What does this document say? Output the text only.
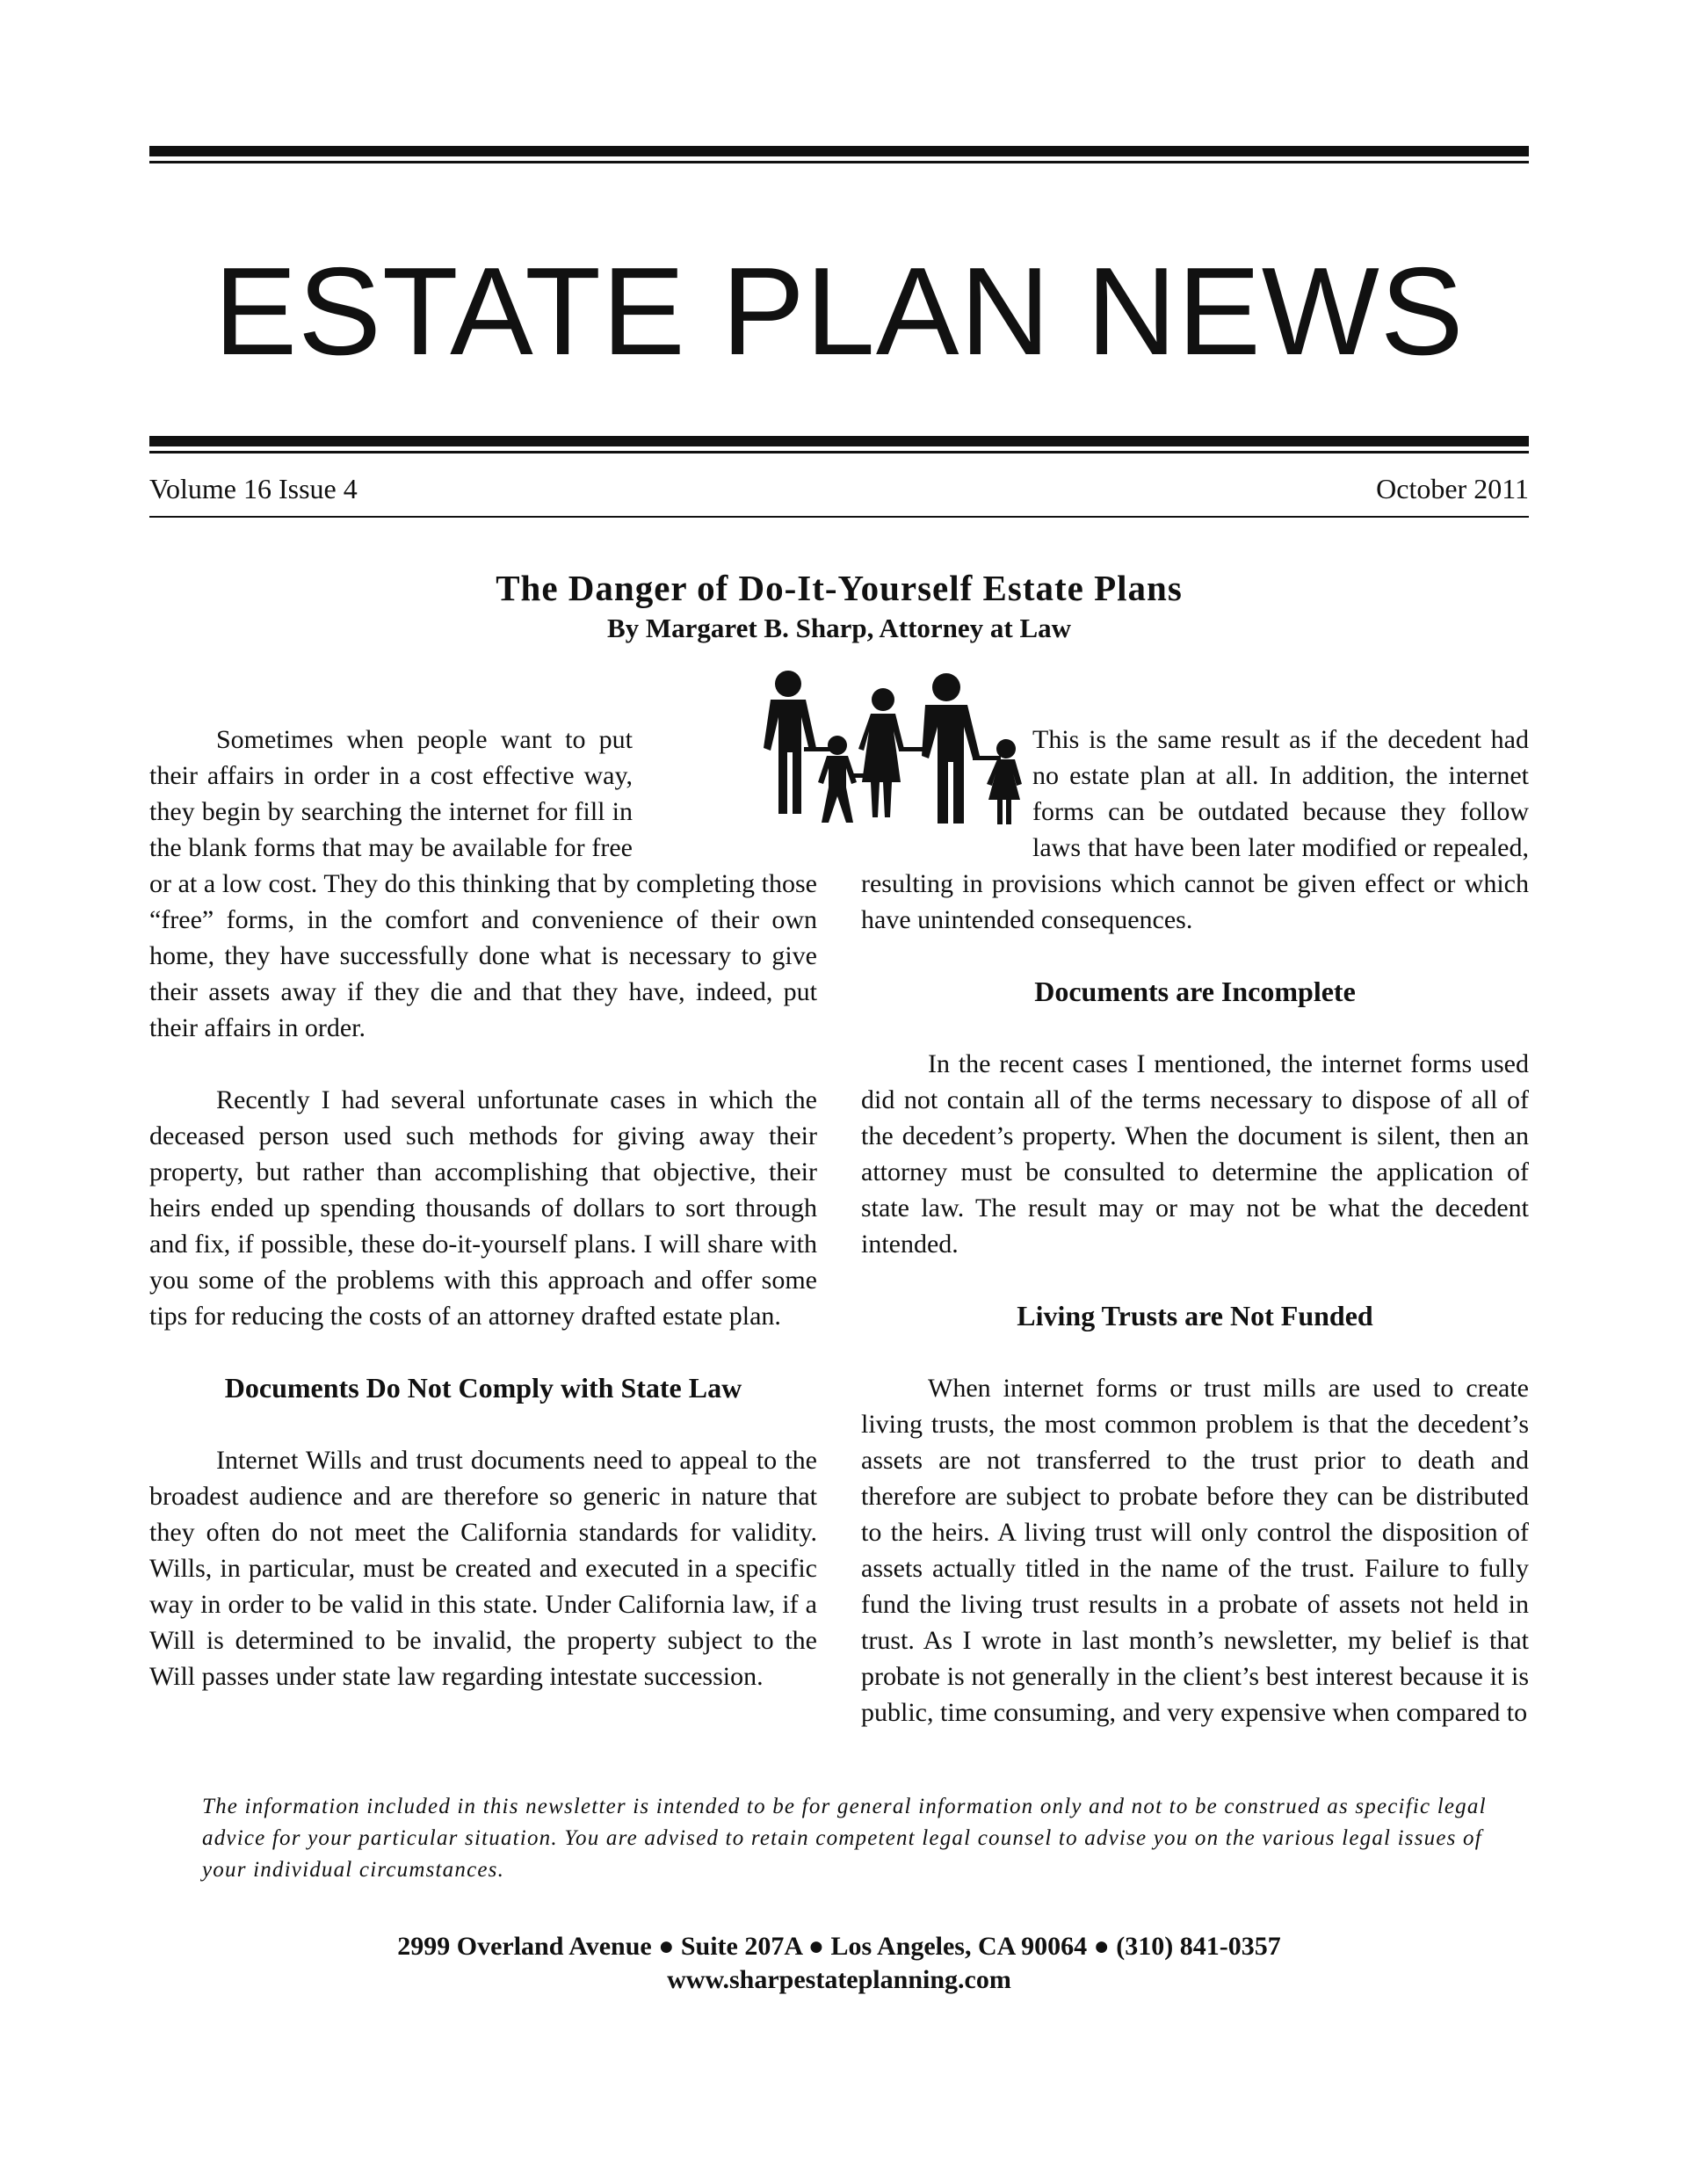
ESTATE PLAN NEWS
Volume 16 Issue 4	October 2011
The Danger of Do-It-Yourself Estate Plans
By Margaret B. Sharp, Attorney at Law

Sometimes when people want to put their affairs in order in a cost effective way, they begin by searching the internet for fill in the blank forms that may be available for free or at a low cost. They do this thinking that by completing those “free” forms, in the comfort and convenience of their own home, they have successfully done what is necessary to give their assets away if they die and that they have, indeed, put their affairs in order.

Recently I had several unfortunate cases in which the deceased person used such methods for giving away their property, but rather than accomplishing that objective, their heirs ended up spending thousands of dollars to sort through and fix, if possible, these do-it-yourself plans. I will share with you some of the problems with this approach and offer some tips for reducing the costs of an attorney drafted estate plan.

Documents Do Not Comply with State Law

Internet Wills and trust documents need to appeal to the broadest audience and are therefore so generic in nature that they often do not meet the California standards for validity. Wills, in particular, must be created and executed in a specific way in order to be valid in this state. Under California law, if a Will is determined to be invalid, the property subject to the Will passes under state law regarding intestate succession.

This is the same result as if the decedent had no estate plan at all. In addition, the internet forms can be outdated because they follow laws that have been later modified or repealed, resulting in provisions which cannot be given effect or which have unintended consequences.

Documents are Incomplete

In the recent cases I mentioned, the internet forms used did not contain all of the terms necessary to dispose of all of the decedent’s property. When the document is silent, then an attorney must be consulted to determine the application of state law. The result may or may not be what the decedent intended.

Living Trusts are Not Funded

When internet forms or trust mills are used to create living trusts, the most common problem is that the decedent’s assets are not transferred to the trust prior to death and therefore are subject to probate before they can be distributed to the heirs. A living trust will only control the disposition of assets actually titled in the name of the trust. Failure to fully fund the living trust results in a probate of assets not held in trust. As I wrote in last month’s newsletter, my belief is that probate is not generally in the client’s best interest because it is public, time consuming, and very expensive when compared to

The information included in this newsletter is intended to be for general information only and not to be construed as specific legal advice for your particular situation. You are advised to retain competent legal counsel to advise you on the various legal issues of your individual circumstances.
2999 Overland Avenue ● Suite 207A ● Los Angeles, CA 90064 ● (310) 841-0357
www.sharpestateplanning.com
